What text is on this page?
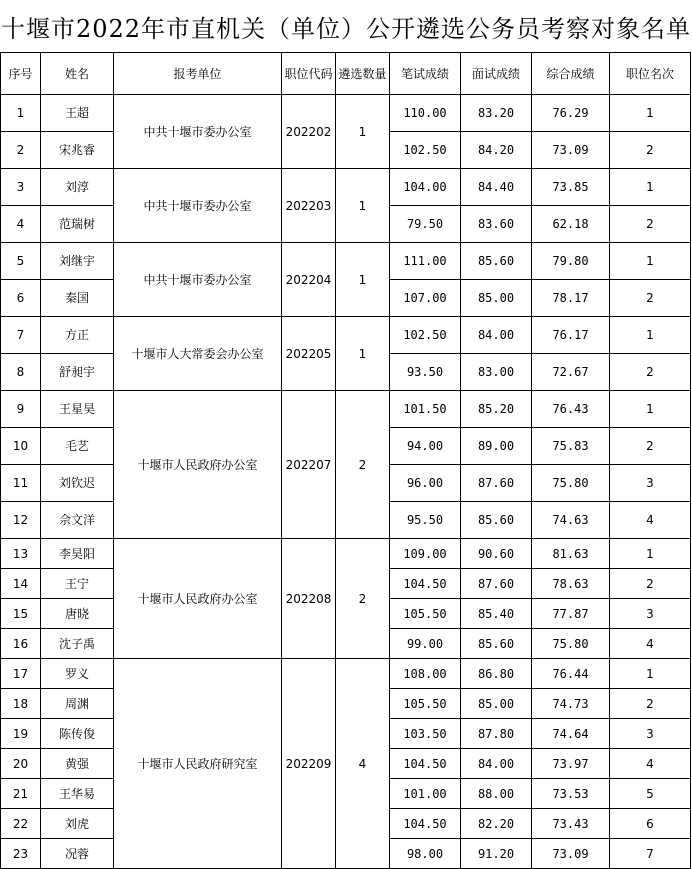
十堰市2022年市直机关（单位）公开遴选公务员考察对象名单
序号	姓名	报考单位	职位代码	遴选数量	笔试成绩	面试成绩	综合成绩	职位名次
1	王超	中共十堰市委办公室	202202	1	110.00	83.20	76.29	1
2	宋兆睿				102.50	84.20	73.09	2
3	刘淳	中共十堰市委办公室	202203	1	104.00	84.40	73.85	1
4	范瑞树				79.50	83.60	62.18	2
5	刘继宇	中共十堰市委办公室	202204	1	111.00	85.60	79.80	1
6	秦国				107.00	85.00	78.17	2
7	方正	十堰市人大常委会办公室	202205	1	102.50	84.00	76.17	1
8	舒昶宇				93.50	83.00	72.67	2
9	王星昊	十堰市人民政府办公室	202207	2	101.50	85.20	76.43	1
10	毛艺				94.00	89.00	75.83	2
11	刘钦迟				96.00	87.60	75.80	3
12	佘文洋				95.50	85.60	74.63	4
13	李昊阳	十堰市人民政府办公室	202208	2	109.00	90.60	81.63	1
14	王宁				104.50	87.60	78.63	2
15	唐晓				105.50	85.40	77.87	3
16	沈子禹				99.00	85.60	75.80	4
17	罗义	十堰市人民政府研究室	202209	4	108.00	86.80	76.44	1
18	周渊				105.50	85.00	74.73	2
19	陈传俊				103.50	87.80	74.64	3
20	黄强				104.50	84.00	73.97	4
21	王华易				101.00	88.00	73.53	5
22	刘虎				104.50	82.20	73.43	6
23	况蓉				98.00	91.20	73.09	7
